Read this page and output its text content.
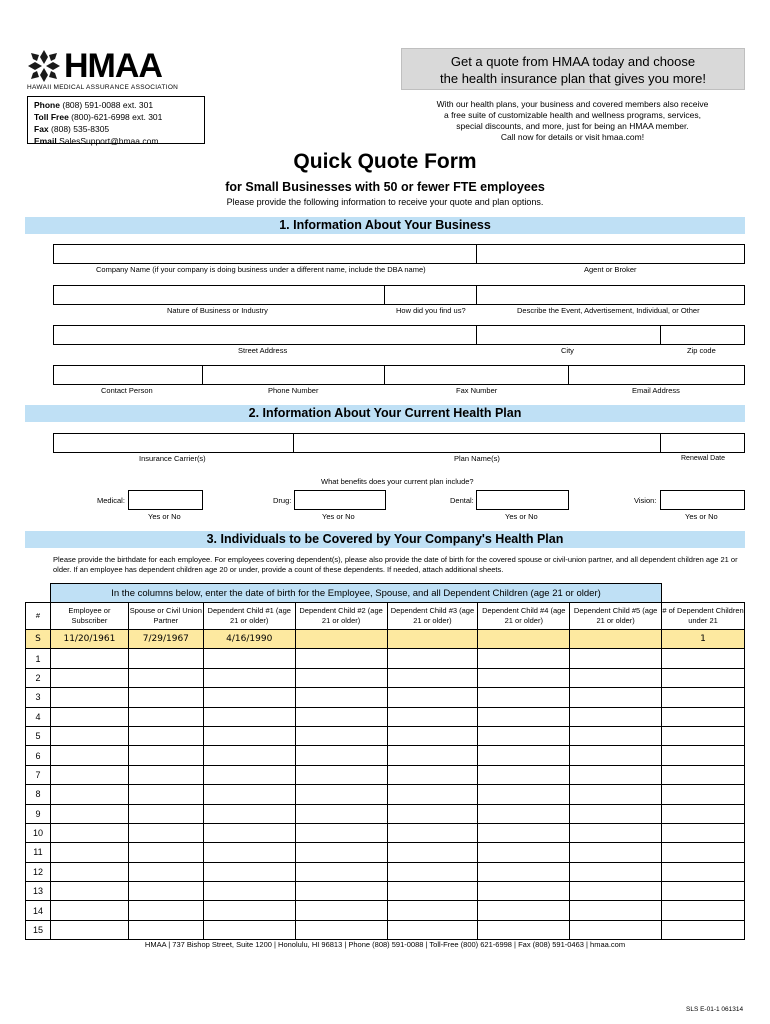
HMAA
HAWAII MEDICAL ASSURANCE ASSOCIATION
Phone (808) 591-0088 ext. 301
Toll Free (800)-621-6998 ext. 301
Fax (808) 535-8305
Email SalesSupport@hmaa.com
Get a quote from HMAA today and choose
the health insurance plan that gives you more!
With our health plans, your business and covered members also receive
a free suite of customizable health and wellness programs, services,
special discounts, and more, just for being an HMAA member.
Call now for details or visit hmaa.com!
Quick Quote Form
for Small Businesses with 50 or fewer FTE employees
Please provide the following information to receive your quote and plan options.
1. Information About Your Business
Company Name (if your company is doing business under a different name, include the DBA name)	Agent or Broker
Nature of Business or Industry	How did you find us?	Describe the Event, Advertisement, Individual, or Other
Street Address	City	Zip code
Contact Person	Phone Number	Fax Number	Email Address
2. Information About Your Current Health Plan
Insurance Carrier(s)	Plan Name(s)	Renewal Date
What benefits does your current plan include?
Medical:
Yes or No
Drug:
Yes or No
Dental:
Yes or No
Vision:
Yes or No
3. Individuals to be Covered by Your Company's Health Plan
Please provide the birthdate for each employee. For employees covering dependent(s), please also provide the date of birth for the covered spouse or civil-union partner, and all dependent children age 21 or older. If an employee has dependent children age 20 or under, provide a count of these dependents. If needed, attach additional sheets.
	In the columns below, enter the date of birth for the Employee, Spouse, and all Dependent Children (age 21 or older)							
#	Employee or Subscriber	Spouse or Civil Union Partner	Dependent Child #1 (age 21 or older)	Dependent Child #2 (age 21 or older)	Dependent Child #3 (age 21 or older)	Dependent Child #4 (age 21 or older)	Dependent Child #5 (age 21 or older)	# of Dependent Children under 21
S	11/20/1961	7/29/1967	4/16/1990					1
1								
2								
3								
4								
5								
6								
7								
8								
9								
10								
11								
12								
13								
14								
15								
HMAA | 737 Bishop Street, Suite 1200 | Honolulu, HI 96813 | Phone (808) 591-0088 | Toll-Free (800) 621-6998 | Fax (808) 591-0463 | hmaa.com
SLS E-01-1 061314
